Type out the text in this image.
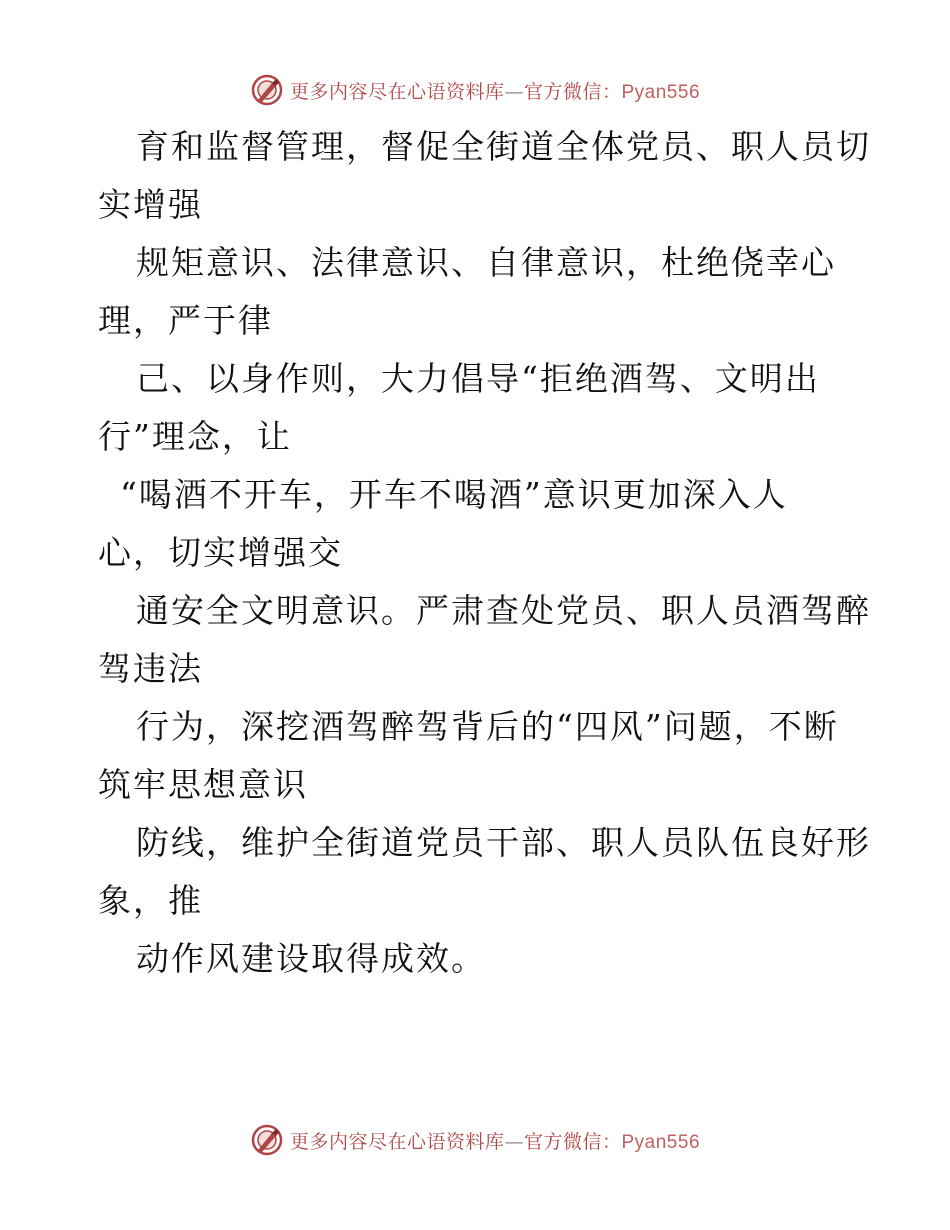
更多内容尽在心语资料库—官方微信：Pyan556
育和监督管理，督促全街道全体党员、职人员切
实增强
规矩意识、法律意识、自律意识，杜绝侥幸心
理，严于律
己、以身作则，大力倡导“拒绝酒驾、文明出
行”理念，让
“喝酒不开车，开车不喝酒”意识更加深入人
心，切实增强交
通安全文明意识。严肃查处党员、职人员酒驾醉
驾违法
行为，深挖酒驾醉驾背后的“四风”问题，不断
筑牢思想意识
防线，维护全街道党员干部、职人员队伍良好形
象，推
动作风建设取得成效。
更多内容尽在心语资料库—官方微信：Pyan556
